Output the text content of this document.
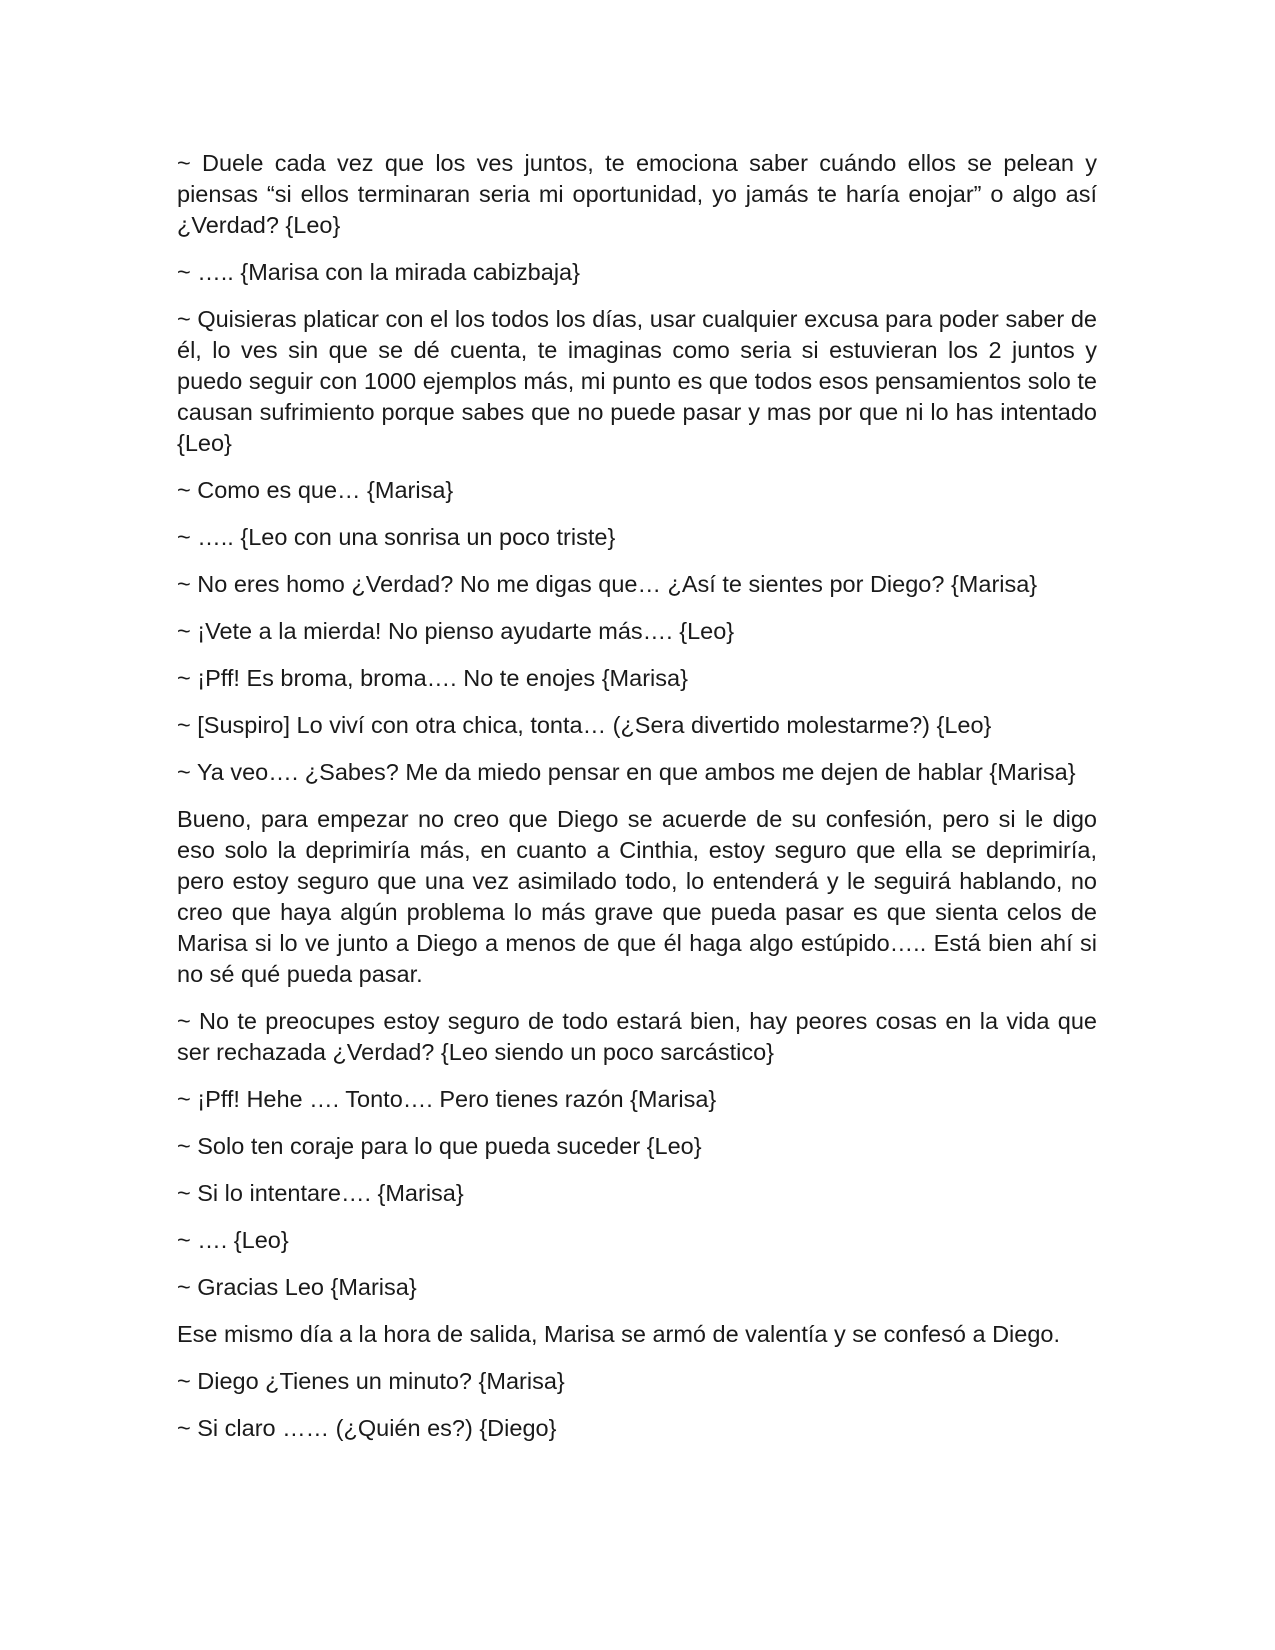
~ Duele cada vez que los ves juntos, te emociona saber cuándo ellos se pelean y piensas “si ellos terminaran seria mi oportunidad, yo jamás te haría enojar” o algo así ¿Verdad? {Leo}

~ ….. {Marisa con la mirada cabizbaja}

~ Quisieras platicar con el los todos los días, usar cualquier excusa para poder saber de él, lo ves sin que se dé cuenta, te imaginas como seria si estuvieran los 2 juntos y puedo seguir con 1000 ejemplos más, mi punto es que todos esos pensamientos solo te causan sufrimiento porque sabes que no puede pasar y mas por que ni lo has intentado {Leo}

~ Como es que… {Marisa}

~ ….. {Leo con una sonrisa un poco triste}

~ No eres homo ¿Verdad? No me digas que… ¿Así te sientes por Diego? {Marisa}

~ ¡Vete a la mierda! No pienso ayudarte más…. {Leo}

~ ¡Pff! Es broma, broma…. No te enojes {Marisa}

~ [Suspiro] Lo viví con otra chica, tonta… (¿Sera divertido molestarme?) {Leo}

~ Ya veo…. ¿Sabes? Me da miedo pensar en que ambos me dejen de hablar {Marisa}

Bueno, para empezar no creo que Diego se acuerde de su confesión, pero si le digo eso solo la deprimiría más, en cuanto a Cinthia, estoy seguro que ella se deprimiría, pero estoy seguro que una vez asimilado todo, lo entenderá y le seguirá hablando, no creo que haya algún problema lo más grave que pueda pasar es que sienta celos de Marisa si lo ve junto a Diego a menos de que él haga algo estúpido….. Está bien ahí si no sé qué pueda pasar.

~ No te preocupes estoy seguro de todo estará bien, hay peores cosas en la vida que ser rechazada ¿Verdad? {Leo siendo un poco sarcástico}

~ ¡Pff! Hehe …. Tonto…. Pero tienes razón {Marisa}

~ Solo ten coraje para lo que pueda suceder {Leo}

~ Si lo intentare…. {Marisa}

~ …. {Leo}

~ Gracias Leo {Marisa}

Ese mismo día a la hora de salida, Marisa se armó de valentía y se confesó a Diego.

~ Diego ¿Tienes un minuto? {Marisa}

~ Si claro …… (¿Quién es?) {Diego}
